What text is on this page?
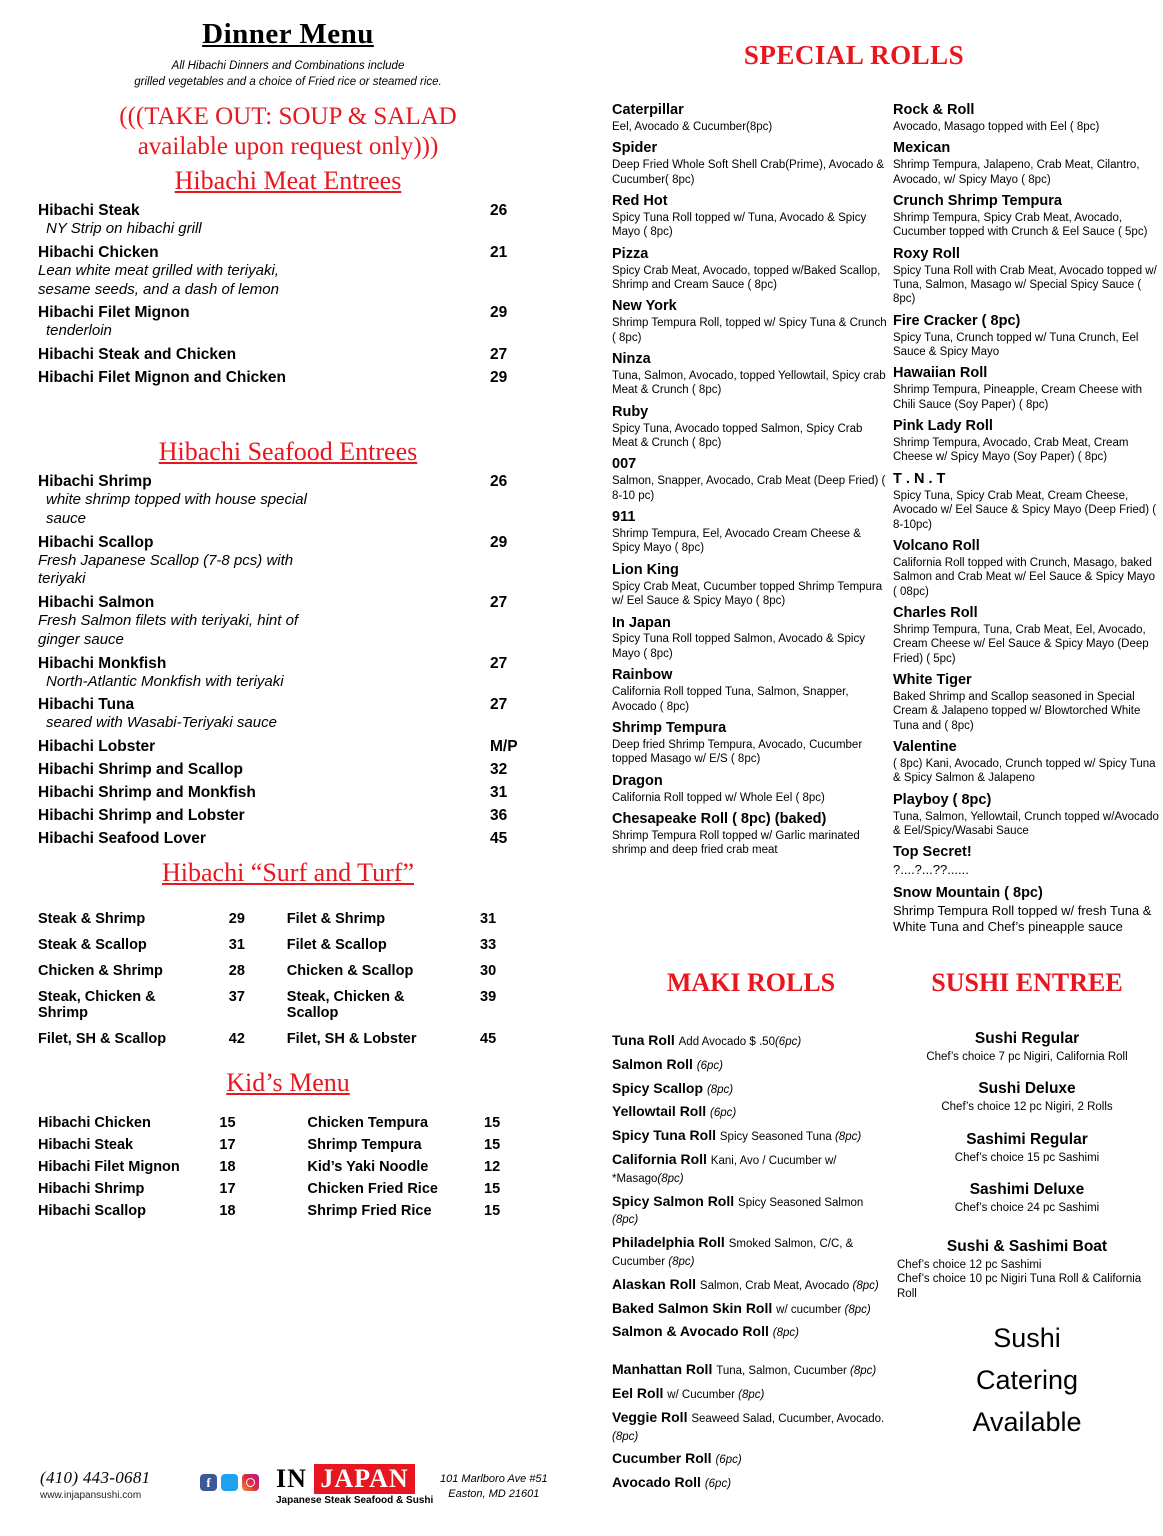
Dinner Menu
All Hibachi Dinners and Combinations include
grilled vegetables and a choice of Fried rice or steamed rice.
(((TAKE OUT: SOUP & SALAD
available upon request only)))
Hibachi Meat Entrees
Hibachi Steak	26
NY Strip on hibachi grill
Hibachi Chicken	21
Lean white meat grilled with teriyaki,
sesame seeds, and a dash of lemon
Hibachi Filet Mignon	29
tenderloin
Hibachi Steak and Chicken	27
Hibachi Filet Mignon and Chicken	29
Hibachi Seafood Entrees
Hibachi Shrimp	26
white shrimp topped with house special
sauce
Hibachi Scallop	29
Fresh Japanese Scallop (7-8 pcs) with
teriyaki
Hibachi Salmon	27
Fresh Salmon filets with teriyaki, hint of
ginger sauce
Hibachi Monkfish	27
North-Atlantic Monkfish with teriyaki
Hibachi Tuna	27
seared with Wasabi-Teriyaki sauce
Hibachi Lobster	M/P
Hibachi Shrimp and Scallop	32
Hibachi Shrimp and Monkfish	31
Hibachi Shrimp and Lobster	36
Hibachi Seafood Lover	45
Hibachi “Surf and Turf”
Steak & Shrimp	29	Filet & Shrimp	31
Steak & Scallop	31	Filet & Scallop	33
Chicken & Shrimp	28	Chicken & Scallop	30
Steak, Chicken &
Shrimp	37	Steak, Chicken &
Scallop	39
Filet, SH & Scallop	42	Filet, SH & Lobster	45
Kid’s Menu
Hibachi Chicken	15	Chicken Tempura	15
Hibachi Steak	17	Shrimp Tempura	15
Hibachi Filet Mignon	18	Kid’s Yaki Noodle	12
Hibachi Shrimp	17	Chicken Fried Rice	15
Hibachi Scallop	18	Shrimp Fried Rice	15
SPECIAL ROLLS
Caterpillar
Eel, Avocado & Cucumber(8pc)
Spider
Deep Fried Whole Soft Shell Crab(Prime), Avocado & Cucumber( 8pc)
Red Hot
Spicy Tuna Roll topped w/ Tuna, Avocado & Spicy Mayo ( 8pc)
Pizza
Spicy Crab Meat, Avocado, topped w/Baked Scallop, Shrimp and Cream Sauce ( 8pc)
New York
Shrimp Tempura Roll, topped w/ Spicy Tuna & Crunch ( 8pc)
Ninza
Tuna, Salmon, Avocado, topped Yellowtail, Spicy crab Meat & Crunch ( 8pc)
Ruby
Spicy Tuna, Avocado topped Salmon, Spicy Crab Meat & Crunch ( 8pc)
007
Salmon, Snapper, Avocado, Crab Meat (Deep Fried) ( 8-10 pc)
911
Shrimp Tempura, Eel, Avocado Cream Cheese & Spicy Mayo ( 8pc)
Lion King
Spicy Crab Meat, Cucumber topped Shrimp Tempura w/ Eel Sauce & Spicy Mayo ( 8pc)
In Japan
Spicy Tuna Roll topped Salmon, Avocado & Spicy Mayo ( 8pc)
Rainbow
California Roll topped Tuna, Salmon, Snapper, Avocado ( 8pc)
Shrimp Tempura
Deep fried Shrimp Tempura, Avocado, Cucumber topped Masago w/ E/S ( 8pc)
Dragon
California Roll topped w/ Whole Eel ( 8pc)
Chesapeake Roll ( 8pc) (baked)
Shrimp Tempura Roll topped w/ Garlic marinated shrimp and deep fried crab meat
Rock & Roll
Avocado, Masago topped with Eel ( 8pc)
Mexican
Shrimp Tempura, Jalapeno, Crab Meat, Cilantro, Avocado, w/ Spicy Mayo ( 8pc)
Crunch Shrimp Tempura
Shrimp Tempura, Spicy Crab Meat, Avocado, Cucumber topped with Crunch & Eel Sauce ( 5pc)
Roxy Roll
Spicy Tuna Roll with Crab Meat, Avocado topped w/ Tuna, Salmon, Masago w/ Special Spicy Sauce ( 8pc)
Fire Cracker ( 8pc)
Spicy Tuna, Crunch topped w/ Tuna Crunch, Eel Sauce & Spicy Mayo
Hawaiian Roll
Shrimp Tempura, Pineapple, Cream Cheese with Chili Sauce (Soy Paper) ( 8pc)
Pink Lady Roll
Shrimp Tempura, Avocado, Crab Meat, Cream Cheese w/ Spicy Mayo (Soy Paper) ( 8pc)
T . N . T
Spicy Tuna, Spicy Crab Meat, Cream Cheese, Avocado w/ Eel Sauce & Spicy Mayo (Deep Fried) ( 8-10pc)
Volcano Roll
California Roll topped with Crunch, Masago, baked Salmon and Crab Meat w/ Eel Sauce & Spicy Mayo ( 08pc)
Charles Roll
Shrimp Tempura, Tuna, Crab Meat, Eel, Avocado, Cream Cheese w/ Eel Sauce & Spicy Mayo (Deep Fried) ( 5pc)
White Tiger
Baked Shrimp and Scallop seasoned in Special Cream & Jalapeno topped w/ Blowtorched White Tuna and ( 8pc)
Valentine
( 8pc) Kani, Avocado, Crunch topped w/ Spicy Tuna & Spicy Salmon & Jalapeno
Playboy ( 8pc)
Tuna, Salmon, Yellowtail, Crunch topped w/Avocado & Eel/Spicy/Wasabi Sauce
Top Secret!
?....?...??......
Snow Mountain ( 8pc)
Shrimp Tempura Roll topped w/ fresh Tuna & White Tuna and Chef’s pineapple sauce
MAKI ROLLS
Tuna Roll Add Avocado $ .50(6pc)
Salmon Roll (6pc)
Spicy Scallop (8pc)
Yellowtail Roll (6pc)
Spicy Tuna Roll Spicy Seasoned Tuna (8pc)
California Roll Kani, Avo / Cucumber w/ *Masago(8pc)
Spicy Salmon Roll Spicy Seasoned Salmon (8pc)
Philadelphia Roll Smoked Salmon, C/C, & Cucumber (8pc)
Alaskan Roll Salmon, Crab Meat, Avocado (8pc)
Baked Salmon Skin Roll w/ cucumber (8pc)
Salmon & Avocado Roll (8pc)
Manhattan Roll Tuna, Salmon, Cucumber (8pc)
Eel Roll w/ Cucumber (8pc)
Veggie Roll Seaweed Salad, Cucumber, Avocado. (8pc)
Cucumber Roll (6pc)
Avocado Roll (6pc)
SUSHI ENTREE
Sushi Regular
Chef’s choice 7 pc Nigiri, California Roll
Sushi Deluxe
Chef’s choice 12 pc Nigiri, 2 Rolls
Sashimi Regular
Chef’s choice 15 pc Sashimi
Sashimi Deluxe
Chef’s choice 24 pc Sashimi
Sushi & Sashimi Boat
Chef’s choice 12 pc Sashimi
Chef’s choice 10 pc Nigiri Tuna Roll & California Roll
Sushi
Catering
Available
(410) 443-0681
www.injapansushi.com
f	IN JAPAN
Japanese Steak Seafood & Sushi
101 Marlboro Ave #51
Easton, MD 21601
